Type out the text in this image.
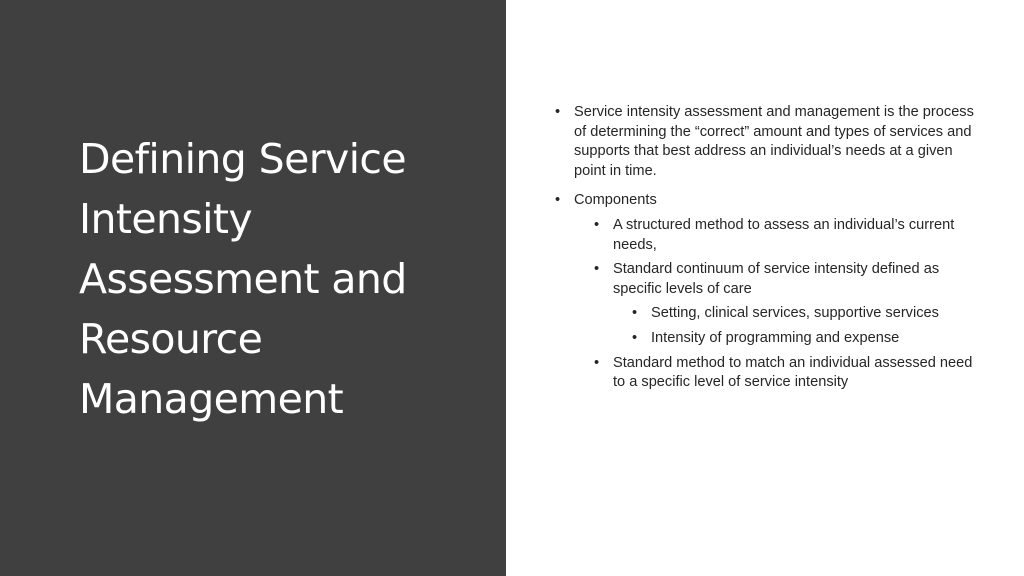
Defining Service
Intensity
Assessment and
Resource
Management

• Service intensity assessment and management is the process of determining the “correct” amount and types of services and supports that best address an individual’s needs at a given point in time.

• Components

• A structured method to assess an individual’s current needs,

• Standard continuum of service intensity defined as specific levels of care

• Setting, clinical services, supportive services

• Intensity of programming and expense

• Standard method to match an individual assessed need to a specific level of service intensity
